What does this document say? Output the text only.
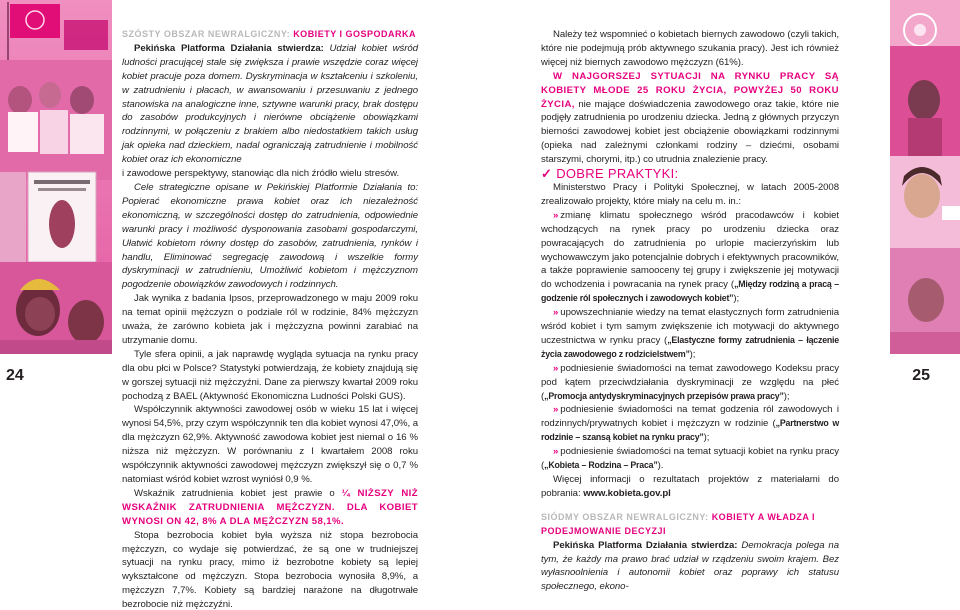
24	25

SZÓSTY OBSZAR NEWRALGICZNY: KOBIETY I GOSPODARKA

Pekińska Platforma Działania stwierdza: Udział kobiet wśród ludności pracującej stale się zwiększa i prawie wszędzie coraz więcej kobiet pracuje poza domem. Dyskryminacja w kształceniu i szkoleniu, w zatrudnieniu i płacach, w awansowaniu i przesuwaniu z jednego stanowiska na analogiczne inne, sztywne warunki pracy, brak dostępu do zasobów produkcyjnych i nierówne obciążenie obowiązkami rodzinnymi, w połączeniu z brakiem albo niedostatkiem takich usług jak opieka nad dzieckiem, nadal ograniczają zatrudnienie i mobilność kobiet oraz ich ekonomiczne

i zawodowe perspektywy, stanowiąc dla nich źródło wielu stresów.

Cele strategiczne opisane w Pekińskiej Platformie Działania to: Popierać ekonomiczne prawa kobiet oraz ich niezależność ekonomiczną, w szczególności dostęp do zatrudnienia, odpowiednie warunki pracy i możliwość dysponowania zasobami gospodarczymi, Ułatwić kobietom równy dostęp do zasobów, zatrudnienia, rynków i handlu, Eliminować segregację zawodową i wszelkie formy dyskryminacji w zatrudnieniu, Umożliwić kobietom i mężczyznom pogodzenie obowiązków zawodowych i rodzinnych.

Jak wynika z badania Ipsos, przeprowadzonego w maju 2009 roku na temat opinii mężczyzn o podziale ról w rodzinie, 84% mężczyzn uważa, że zarówno kobieta jak i mężczyzna powinni zarabiać na utrzymanie domu.

Tyle sfera opinii, a jak naprawdę wygląda sytuacja na rynku pracy dla obu płci w Polsce? Statystyki potwierdzają, że kobiety znajdują się w gorszej sytuacji niż mężczyźni. Dane za pierwszy kwartał 2009 roku pochodzą z BAEL (Aktywność Ekonomiczna Ludności Polski GUS).

Współczynnik aktywności zawodowej osób w wieku 15 lat i więcej wynosi 54,5%, przy czym współczynnik ten dla kobiet wynosi 47,0%, a dla mężczyzn 62,9%. Aktywność zawodowa kobiet jest niemal o 16 % niższa niż mężczyzn. W porównaniu z I kwartałem 2008 roku współczynnik aktywności zawodowej mężczyzn zwiększył się o 0,7 % natomiast wśród kobiet wzrost wyniósł 0,9 %.

Wskaźnik zatrudnienia kobiet jest prawie o ¼ NIŻSZY NIŻ WSKAŹNIK ZATRUDNIENIA MĘŻCZYZN. DLA KOBIET WYNOSI ON 42, 8% A DLA MĘŻCZYZN 58,1%.

Stopa bezrobocia kobiet była wyższa niż stopa bezrobocia mężczyzn, co wydaje się potwierdzać, że są one w trudniejszej sytuacji na rynku pracy, mimo iż bezrobotne kobiety są lepiej wykształcone od mężczyzn. Stopa bezrobocia wynosiła 8,9%, a mężczyzn 7,7%. Kobiety są bardziej narażone na długotrwałe bezrobocie niż mężczyźni.

Należy też wspomnieć o kobietach biernych zawodowo (czyli takich, które nie podejmują prób aktywnego szukania pracy). Jest ich również więcej niż biernych zawodowo mężczyzn (61%).

W NAJGORSZEJ SYTUACJI NA RYNKU PRACY SĄ KOBIETY MŁODE 25 ROKU ŻYCIA, POWYŻEJ 50 ROKU ŻYCIA, nie mające doświadczenia zawodowego oraz takie, które nie podjęły zatrudnienia po urodzeniu dziecka. Jedną z głównych przyczyn bierności zawodowej kobiet jest obciążenie obowiązkami rodzinnymi (opieka nad zależnymi członkami rodziny – dziećmi, osobami starszymi, chorymi, itp.) co utrudnia znalezienie pracy.

✓ DOBRE PRAKTYKI:

Ministerstwo Pracy i Polityki Społecznej, w latach 2005-2008 zrealizowało projekty, które miały na celu m. in.:

» zmianę klimatu społecznego wśród pracodawców i kobiet wchodzących na rynek pracy po urodzeniu dziecka oraz powracających do zatrudnienia po urlopie macierzyńskim lub wychowawczym jako potencjalnie dobrych i efektywnych pracowników, a także poprawienie samooceny tej grupy i zwiększenie jej motywacji do wchodzenia i powracania na rynek pracy („Między rodziną a pracą – godzenie ról społecznych i zawodowych kobiet”);

» upowszechnianie wiedzy na temat elastycznych form zatrudnienia wśród kobiet i tym samym zwiększenie ich motywacji do aktywnego uczestnictwa w rynku pracy („Elastyczne formy zatrudnienia – łączenie życia zawodowego z rodzicielstwem”);

» podniesienie świadomości na temat zawodowego Kodeksu pracy pod kątem przeciwdziałania dyskryminacji ze względu na płeć („Promocja antydyskryminacyjnych przepisów prawa pracy”);

» podniesienie świadomości na temat godzenia ról zawodowych i rodzinnych/prywatnych kobiet i mężczyzn w rodzinie („Partnerstwo w rodzinie – szansą kobiet na rynku pracy”);

» podniesienie świadomości na temat sytuacji kobiet na rynku pracy („Kobieta – Rodzina – Praca”).

Więcej informacji o rezultatach projektów z materiałami do pobrania: www.kobieta.gov.pl

SIÓDMY OBSZAR NEWRALGICZNY: KOBIETY A WŁADZA I PODEJMOWANIE DECYZJI

Pekińska Platforma Działania stwierdza: Demokracja polega na tym, że każdy ma prawo brać udział w rządzeniu swoim krajem. Bez wyłasnoolnienia i autonomii kobiet oraz poprawy ich statusu społecznego, ekono-
